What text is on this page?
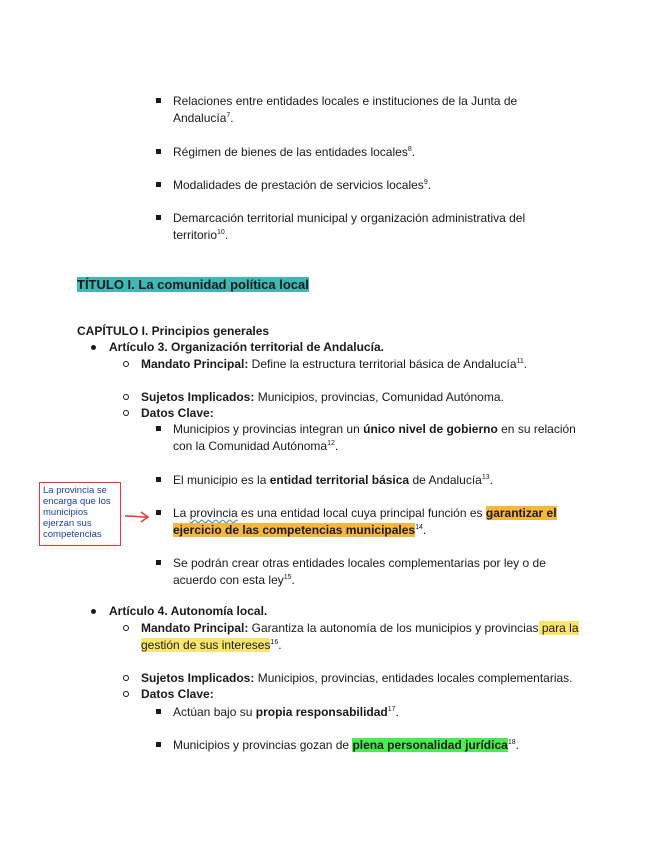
Relaciones entre entidades locales e instituciones de la Junta de
Andalucía$^7$.
Régimen de bienes de las entidades locales$^8$.
Modalidades de prestación de servicios locales$^9$.
Demarcación territorial municipal y organización administrativa del
territorio$^{10}$.
TÍTULO I. La comunidad política local
CAPÍTULO I. Principios generales
Artículo 3. Organización territorial de Andalucía.
Mandato Principal: Define la estructura territorial básica de Andalucía$^{11}$.
Sujetos Implicados: Municipios, provincias, Comunidad Autónoma.
Datos Clave:
Municipios y provincias integran un único nivel de gobierno en su relación
con la Comunidad Autónoma$^{12}$.
El municipio es la entidad territorial básica de Andalucía$^{13}$.
La provincia es una entidad local cuya principal función es garantizar el
ejercicio de las competencias municipales$^{14}$.
Se podrán crear otras entidades locales complementarias por ley o de
acuerdo con esta ley$^{15}$.
La provincia se encarga que los municipios ejerzan sus competencias
Artículo 4. Autonomía local.
Mandato Principal: Garantiza la autonomía de los municipios y provincias para la
gestión de sus intereses$^{16}$.
Sujetos Implicados: Municipios, provincias, entidades locales complementarias.
Datos Clave:
Actúan bajo su propia responsabilidad$^{17}$.
Municipios y provincias gozan de plena personalidad jurídica$^{18}$.
